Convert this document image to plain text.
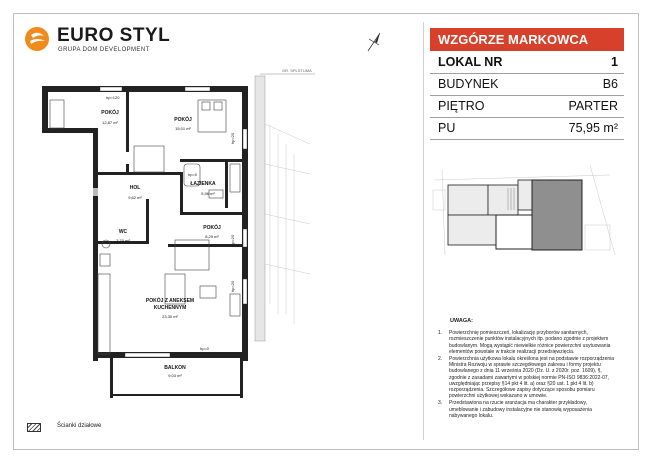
EURO STYL
GRUPA DOM DEVELOPMENT
WZGÓRZE MARKOWCA
LOKAL NR	1
BUDYNEK	B6
PIĘTRO	PARTER
PU	75,95 m²
GR. SPLSTUMA
POKÓJ
12,87 m²	POKÓJ
15,01 m²
ŁAZIENKA
5,96 m²
HOL
9,62 m²
WC
3,70 m²
POKÓJ
8,29 m²
POKÓJ Z ANEKSEM
KUCHENNYM
23,30 m²
BALKON
9,03 m²
hp=120
hp=0
hp=20
hp=20
hp=20
hp=0
UWAGA:
1. Powierzchnię pomieszczeń, lokalizację przyborów sanitarnych, rozmieszczenie punktów instalacyjnych itp. podano zgodnie z projektem budowlanym. Mogą wystąpić niewielkie różnice powierzchni usytuowania elementów powstałe w trakcie realizacji przedsięwzięcia.
2. Powierzchnia użytkowa lokalu określona jest na podstawie rozporządzenia Ministra Rozwoju w sprawie szczegółowego zakresu i formy projektu budowlanego z dnia 11 września 2020 (Dz. U. z 2020r. poz. 1609), §, zgodnie z zasadami zawartymi w polskiej normie PN-ISO 9836:2022-07, uwzględniając przepisy §14 pkt 4 lit. a) oraz §20 ust. 1 pkt 4 lit. b) rozporządzenia. Szczegółowe zapisy dotyczące sposobu pomiaru powierzchni użytkowej wskazano w umowie.
3. Przedstawiona na rzucie aranżacja ma charakter przykładowy, umeblowanie i zabudowy instalacyjne nie stanowią wyposażenia nabywanego lokalu.
Ścianki działowe
